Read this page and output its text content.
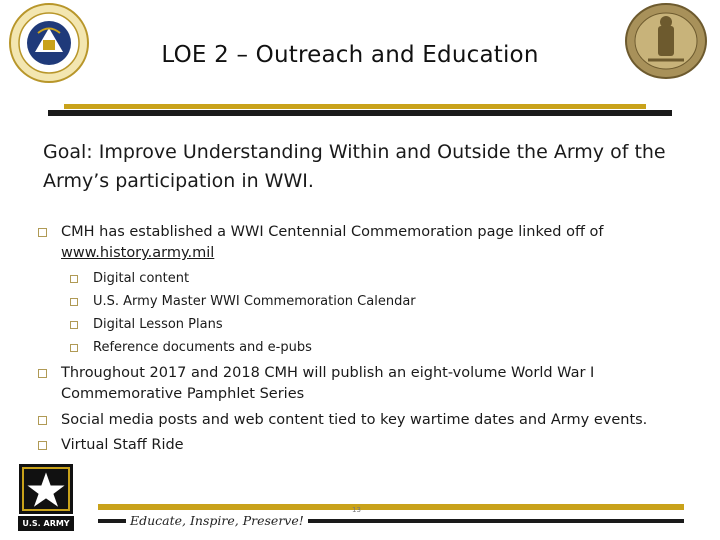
LOE 2 – Outreach and Education
Goal: Improve Understanding Within and Outside the Army of the Army’s participation in WWI.
CMH has established a WWI Centennial Commemoration page linked off of www.history.army.mil
Digital content
U.S. Army Master WWI Commemoration Calendar
Digital Lesson Plans
Reference documents and e-pubs
Throughout 2017 and 2018 CMH will publish an eight-volume World War I Commemorative Pamphlet Series
Social media posts and web content tied to key wartime dates and Army events.
Virtual Staff Ride
U.S. ARMY
13
Educate, Inspire, Preserve!
